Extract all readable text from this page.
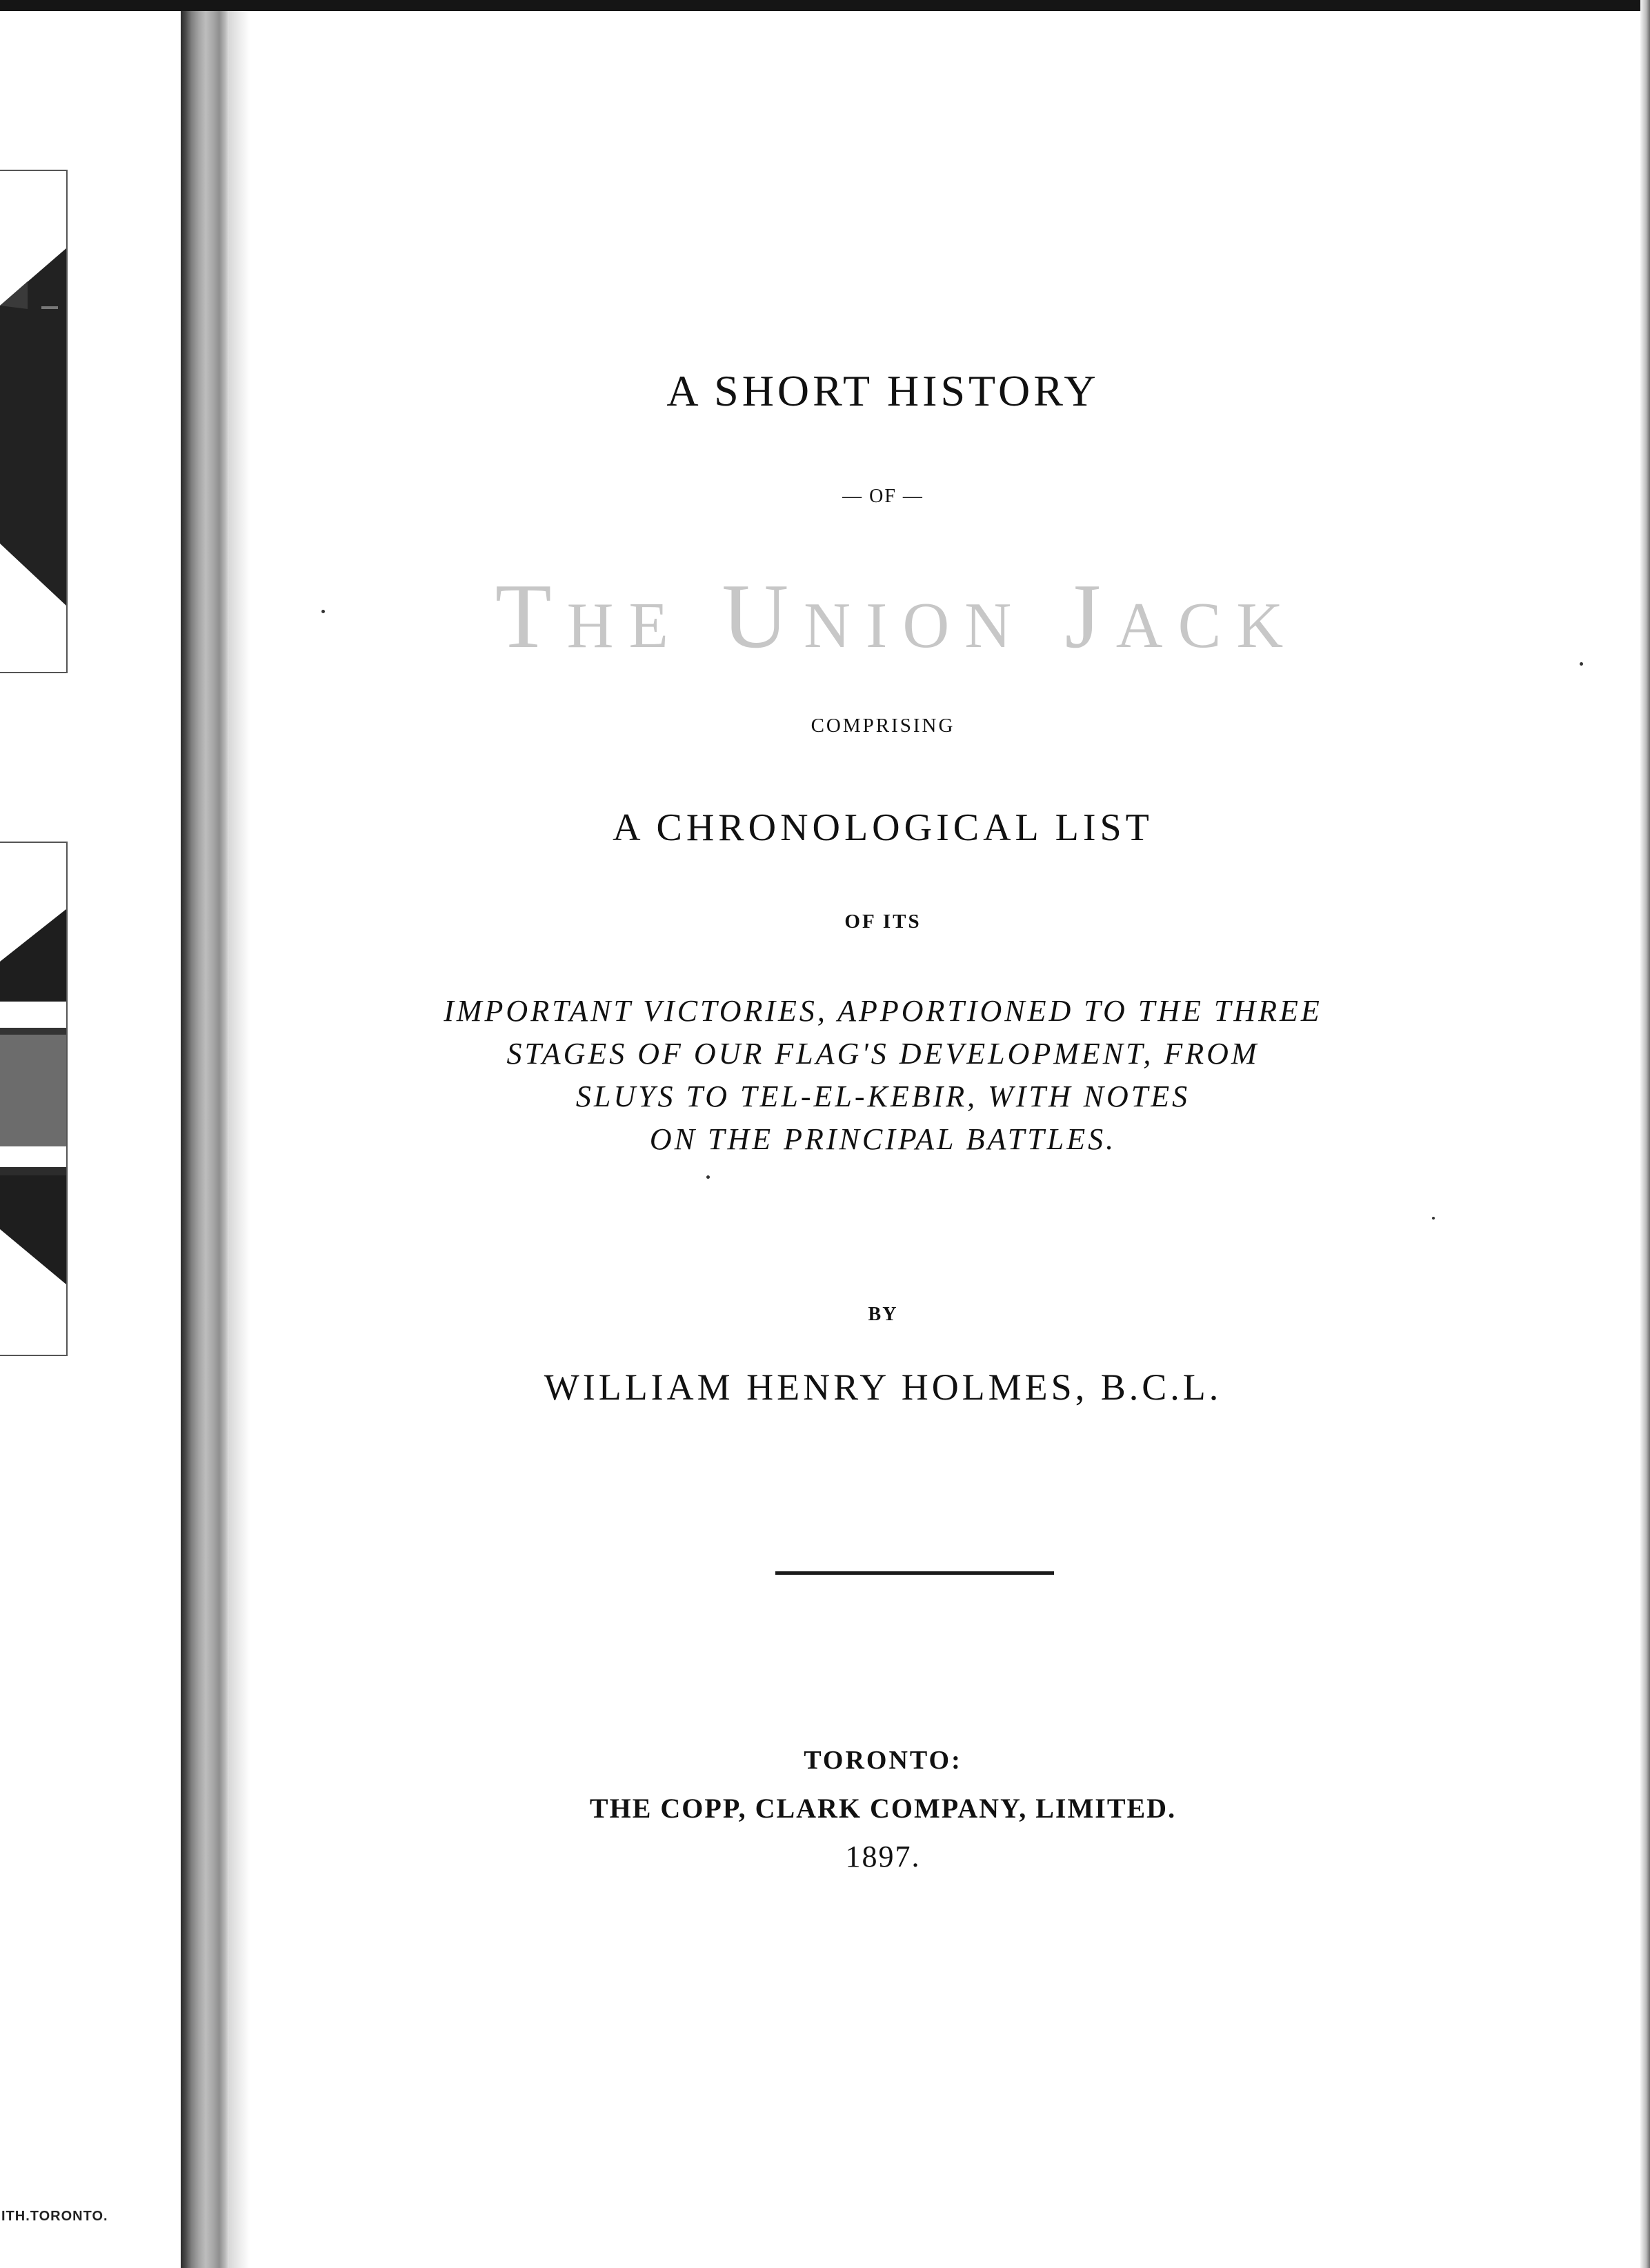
ITH.TORONTO.
A SHORT HISTORY
— OF —
The Union Jack
COMPRISING
A CHRONOLOGICAL LIST
OF ITS
IMPORTANT VICTORIES, APPORTIONED TO THE THREE
STAGES OF OUR FLAG'S DEVELOPMENT, FROM
SLUYS TO TEL-EL-KEBIR, WITH NOTES
ON THE PRINCIPAL BATTLES.
BY
WILLIAM HENRY HOLMES, B.C.L.
TORONTO:
THE COPP, CLARK COMPANY, LIMITED.
1897.
